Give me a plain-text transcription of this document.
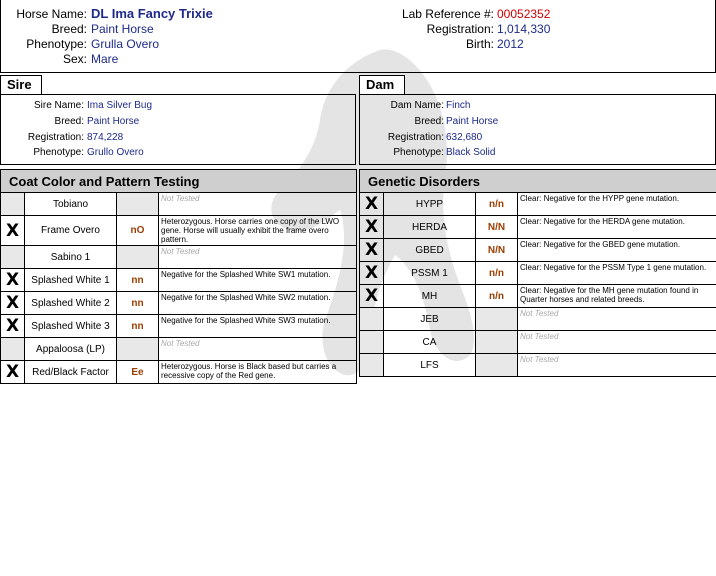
Horse Name: DL Ima Fancy Trixie
Breed: Paint Horse
Phenotype: Grulla Overo
Sex: Mare
Lab Reference #: 00052352
Registration: 1,014,330
Birth: 2012
Sire
Sire Name: Ima Silver Bug
Breed: Paint Horse
Registration: 874,228
Phenotype: Grullo Overo
Dam
Dam Name: Finch
Breed: Paint Horse
Registration: 632,680
Phenotype: Black Solid
Coat Color and Pattern Testing			
	Tobiano		Not Tested
X	Frame Overo	nO	Heterozygous. Horse carries one copy of the LWO gene. Horse will usually exhibit the frame overo pattern.
	Sabino 1		Not Tested
X	Splashed White 1	nn	Negative for the Splashed White SW1 mutation.
X	Splashed White 2	nn	Negative for the Splashed White SW2 mutation.
X	Splashed White 3	nn	Negative for the Splashed White SW3 mutation.
	Appaloosa (LP)		Not Tested
X	Red/Black Factor	Ee	Heterozygous. Horse is Black based but carries a recessive copy of the Red gene.
Genetic Disorders			
X	HYPP	n/n	Clear: Negative for the HYPP gene mutation.
X	HERDA	N/N	Clear: Negative for the HERDA gene mutation.
X	GBED	N/N	Clear: Negative for the GBED gene mutation.
X	PSSM 1	n/n	Clear: Negative for the PSSM Type 1 gene mutation.
X	MH	n/n	Clear: Negative for the MH gene mutation found in Quarter horses and related breeds.
	JEB		Not Tested
	CA		Not Tested
	LFS		Not Tested
